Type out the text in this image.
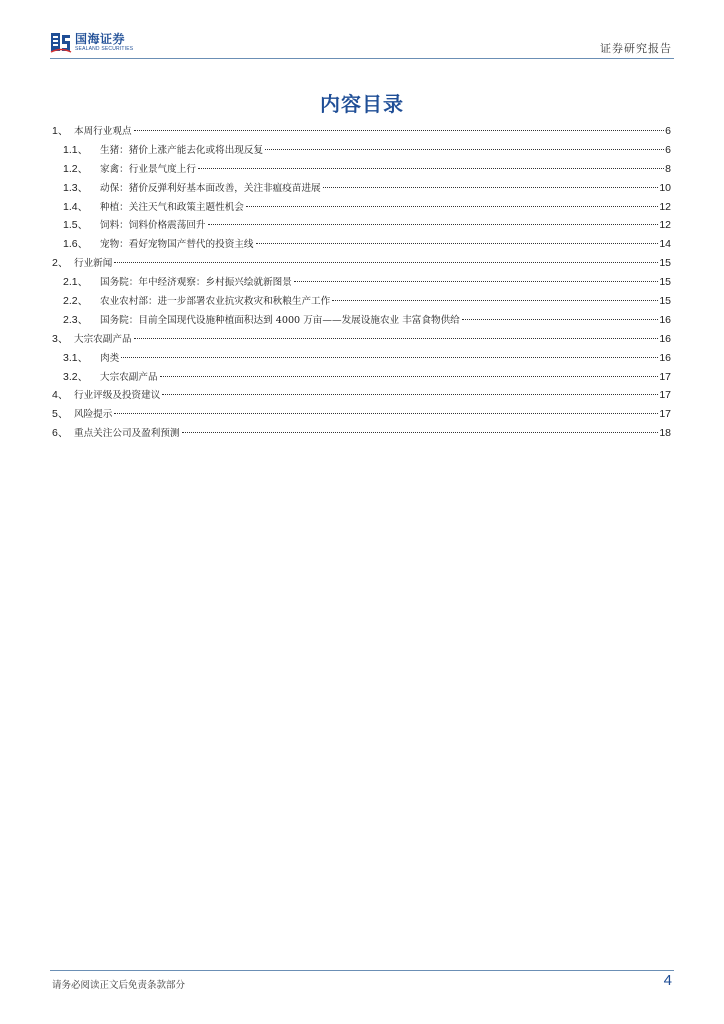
国海证券
SEALAND SECURITIES	证券研究报告
内容目录
1、 本周行业观点	6
1.1、	生猪：猪价上涨产能去化或将出现反复	6
1.2、	家禽：行业景气度上行	8
1.3、	动保：猪价反弹利好基本面改善，关注非瘟疫苗进展	10
1.4、	种植：关注天气和政策主题性机会	12
1.5、	饲料：饲料价格震荡回升	12
1.6、	宠物：看好宠物国产替代的投资主线	14
2、 行业新闻	15
2.1、	国务院：年中经济观察：乡村振兴绘就新图景	15
2.2、	农业农村部：进一步部署农业抗灾救灾和秋粮生产工作	15
2.3、	国务院：目前全国现代设施种植面积达到 4000 万亩——发展设施农业 丰富食物供给	16
3、 大宗农副产品	16
3.1、	肉类	16
3.2、	大宗农副产品	17
4、 行业评级及投资建议	17
5、 风险提示	17
6、 重点关注公司及盈利预测	18
请务必阅读正文后免责条款部分	4
